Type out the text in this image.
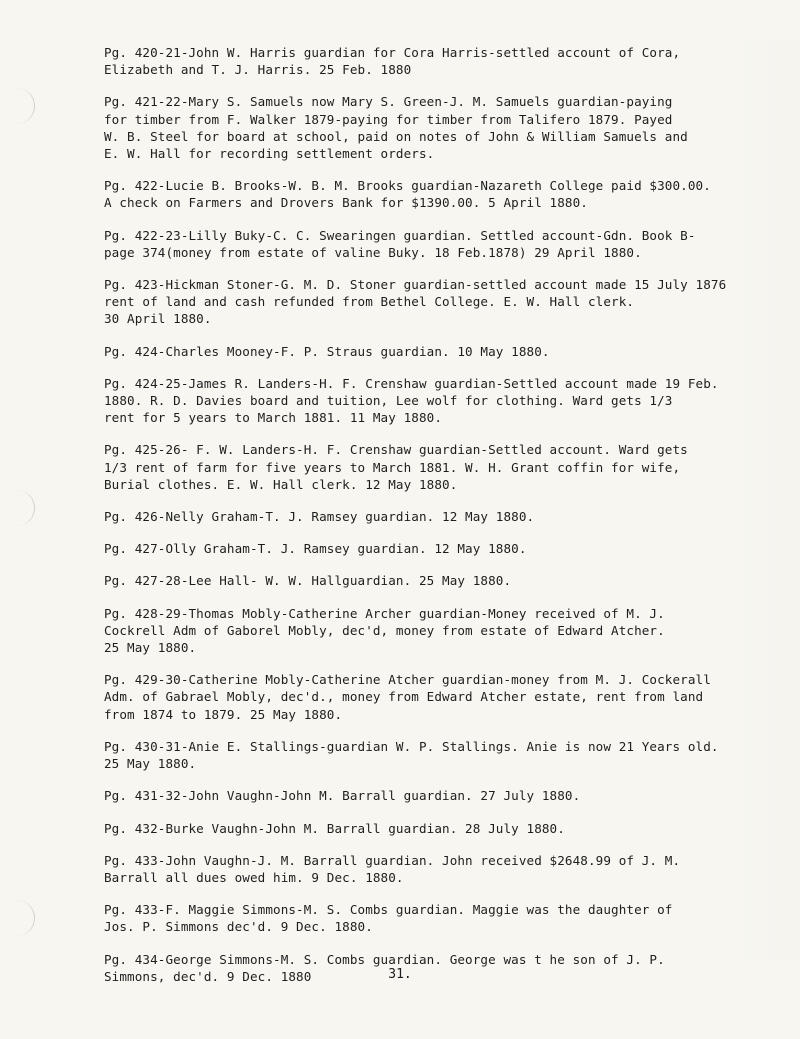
Pg. 420-21-John W. Harris guardian for Cora Harris-settled account of Cora,
Elizabeth and T. J. Harris. 25 Feb. 1880
Pg. 421-22-Mary S. Samuels now Mary S. Green-J. M. Samuels guardian-paying
for timber from F. Walker 1879-paying for timber from Talifero 1879. Payed
W. B. Steel for board at school, paid on notes of John & William Samuels and
E. W. Hall for recording settlement orders.
Pg. 422-Lucie B. Brooks-W. B. M. Brooks guardian-Nazareth College paid $300.00.
A check on Farmers and Drovers Bank for $1390.00. 5 April 1880.
Pg. 422-23-Lilly Buky-C. C. Swearingen guardian. Settled account-Gdn. Book B-
page 374(money from estate of valine Buky. 18 Feb.1878) 29 April 1880.
Pg. 423-Hickman Stoner-G. M. D. Stoner guardian-settled account made 15 July 1876
rent of land and cash refunded from Bethel College. E. W. Hall clerk.
30 April 1880.
Pg. 424-Charles Mooney-F. P. Straus guardian. 10 May 1880.
Pg. 424-25-James R. Landers-H. F. Crenshaw guardian-Settled account made 19 Feb.
1880. R. D. Davies board and tuition, Lee wolf for clothing. Ward gets 1/3
rent for 5 years to March 1881. 11 May 1880.
Pg. 425-26- F. W. Landers-H. F. Crenshaw guardian-Settled account. Ward gets
1/3 rent of farm for five years to March 1881. W. H. Grant coffin for wife,
Burial clothes. E. W. Hall clerk. 12 May 1880.
Pg. 426-Nelly Graham-T. J. Ramsey guardian. 12 May 1880.
Pg. 427-Olly Graham-T. J. Ramsey guardian. 12 May 1880.
Pg. 427-28-Lee Hall- W. W. Hallguardian. 25 May 1880.
Pg. 428-29-Thomas Mobly-Catherine Archer guardian-Money received of M. J.
Cockrell Adm of Gaborel Mobly, dec'd, money from estate of Edward Atcher.
25 May 1880.
Pg. 429-30-Catherine Mobly-Catherine Atcher guardian-money from M. J. Cockerall
Adm. of Gabrael Mobly, dec'd., money from Edward Atcher estate, rent from land
from 1874 to 1879. 25 May 1880.
Pg. 430-31-Anie E. Stallings-guardian W. P. Stallings. Anie is now 21 Years old.
25 May 1880.
Pg. 431-32-John Vaughn-John M. Barrall guardian. 27 July 1880.
Pg. 432-Burke Vaughn-John M. Barrall guardian. 28 July 1880.
Pg. 433-John Vaughn-J. M. Barrall guardian. John received $2648.99 of J. M.
Barrall all dues owed him. 9 Dec. 1880.
Pg. 433-F. Maggie Simmons-M. S. Combs guardian. Maggie was the daughter of
Jos. P. Simmons dec'd. 9 Dec. 1880.
Pg. 434-George Simmons-M. S. Combs guardian. George was t he son of J. P.
Simmons, dec'd. 9 Dec. 1880	31.
